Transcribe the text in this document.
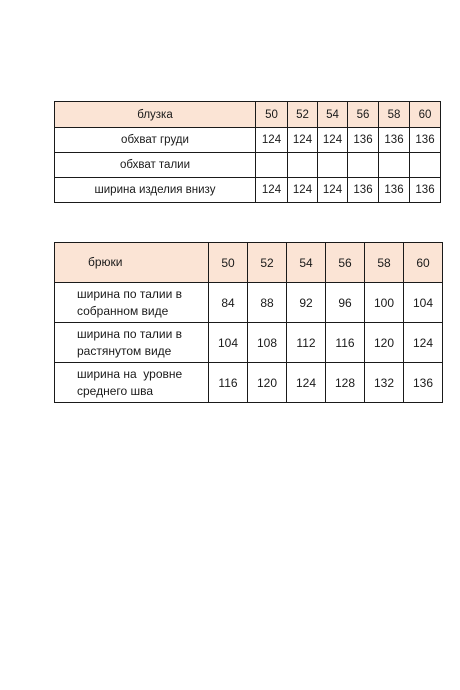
блузка	50	52	54	56	58	60
обхват груди	124	124	124	136	136	136
обхват талии						
ширина изделия внизу	124	124	124	136	136	136
брюки	50	52	54	56	58	60
ширина по талии в
собранном виде	84	88	92	96	100	104
ширина по талии в
растянутом виде	104	108	112	116	120	124
ширина на  уровне
среднего шва	116	120	124	128	132	136
